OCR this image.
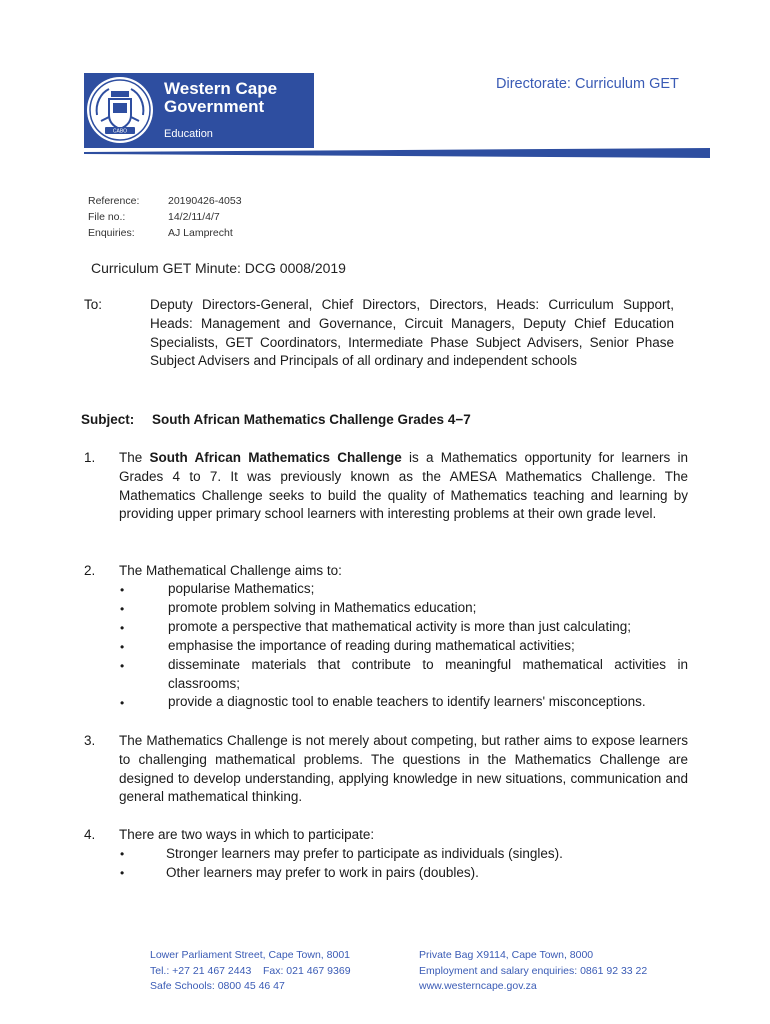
CABO
Western Cape
Government
Education
Directorate: Curriculum GET
Reference:	20190426-4053
File no.:	14/2/11/4/7
Enquiries:	AJ Lamprecht
Curriculum GET Minute: DCG 0008/2019
To:	Deputy Directors-General, Chief Directors, Directors, Heads: Curriculum Support, Heads: Management and Governance, Circuit Managers, Deputy Chief Education Specialists, GET Coordinators, Intermediate Phase Subject Advisers, Senior Phase Subject Advisers and Principals of all ordinary and independent schools
Subject: South African Mathematics Challenge Grades 4−7
1. The South African Mathematics Challenge is a Mathematics opportunity for learners in Grades 4 to 7. It was previously known as the AMESA Mathematics Challenge. The Mathematics Challenge seeks to build the quality of Mathematics teaching and learning by providing upper primary school learners with interesting problems at their own grade level.
2. The Mathematical Challenge aims to:
•	popularise Mathematics;
•	promote problem solving in Mathematics education;
•	promote a perspective that mathematical activity is more than just calculating;
•	emphasise the importance of reading during mathematical activities;
•	disseminate materials that contribute to meaningful mathematical activities in classrooms;
•	provide a diagnostic tool to enable teachers to identify learners' misconceptions.
3. The Mathematics Challenge is not merely about competing, but rather aims to expose learners to challenging mathematical problems. The questions in the Mathematics Challenge are designed to develop understanding, applying knowledge in new situations, communication and general mathematical thinking.
4. There are two ways in which to participate:
•	Stronger learners may prefer to participate as individuals (singles).
•	Other learners may prefer to work in pairs (doubles).
Lower Parliament Street, Cape Town, 8001
Tel.: +27 21 467 2443    Fax: 021 467 9369
Safe Schools: 0800 45 46 47
Private Bag X9114, Cape Town, 8000
Employment and salary enquiries: 0861 92 33 22
www.westerncape.gov.za
